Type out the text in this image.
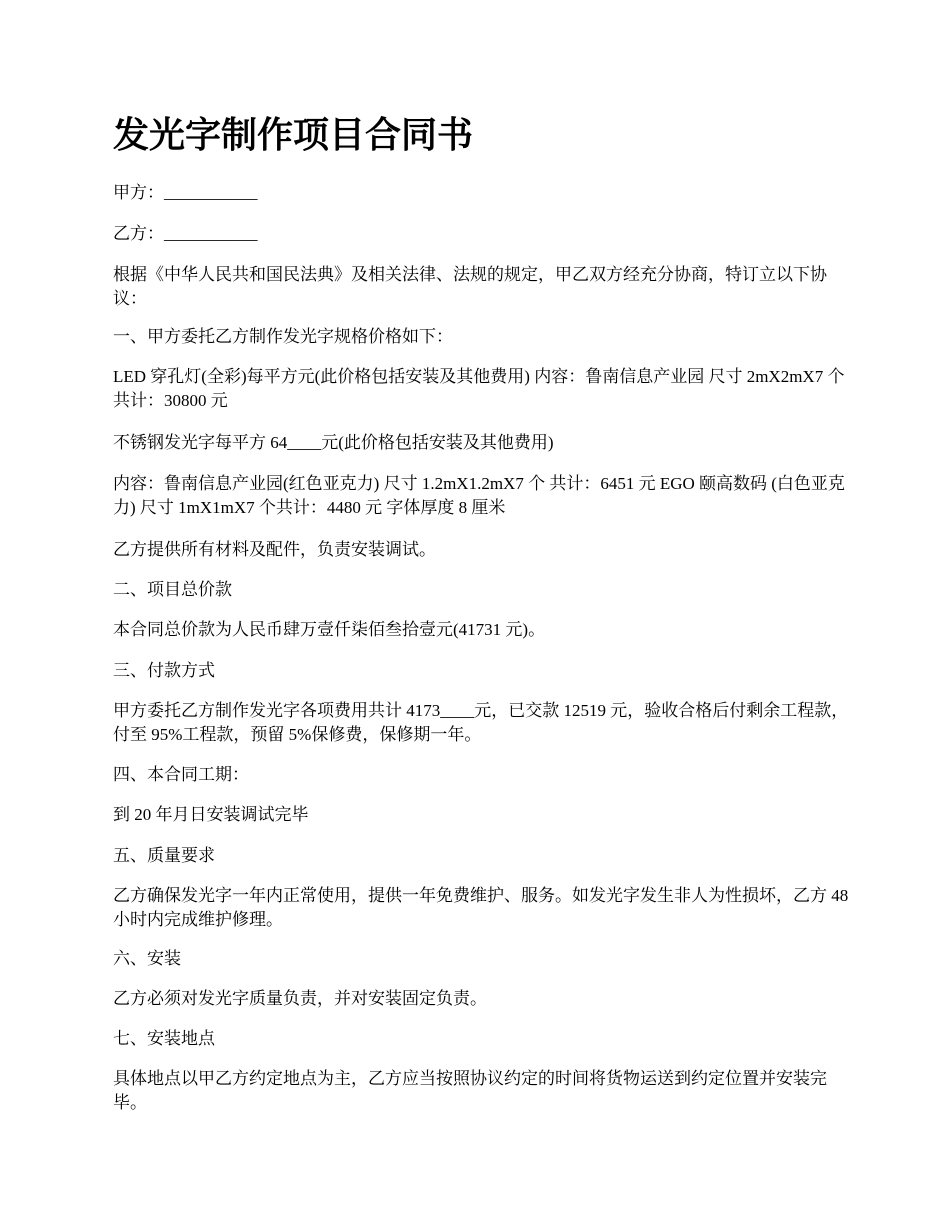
发光字制作项目合同书

甲方：___________

乙方：___________

根据《中华人民共和国民法典》及相关法律、法规的规定，甲乙双方经充分协商，特订立以下协议：

一、甲方委托乙方制作发光字规格价格如下：

LED 穿孔灯(全彩)每平方元(此价格包括安装及其他费用) 内容：鲁南信息产业园 尺寸 2mX2mX7 个 共计：30800 元

不锈钢发光字每平方 64____元(此价格包括安装及其他费用)

内容：鲁南信息产业园(红色亚克力) 尺寸 1.2mX1.2mX7 个 共计：6451 元 EGO 颐高数码 (白色亚克力) 尺寸 1mX1mX7 个共计：4480 元 字体厚度 8 厘米

乙方提供所有材料及配件，负责安装调试。

二、项目总价款

本合同总价款为人民币肆万壹仟柒佰叁拾壹元(41731 元)。

三、付款方式

甲方委托乙方制作发光字各项费用共计 4173____元，已交款 12519 元，验收合格后付剩余工程款，付至 95%工程款，预留 5%保修费，保修期一年。

四、本合同工期：

到 20 年月日安装调试完毕

五、质量要求

乙方确保发光字一年内正常使用，提供一年免费维护、服务。如发光字发生非人为性损坏，乙方 48 小时内完成维护修理。

六、安装

乙方必须对发光字质量负责，并对安装固定负责。

七、安装地点

具体地点以甲乙方约定地点为主，乙方应当按照协议约定的时间将货物运送到约定位置并安装完毕。
